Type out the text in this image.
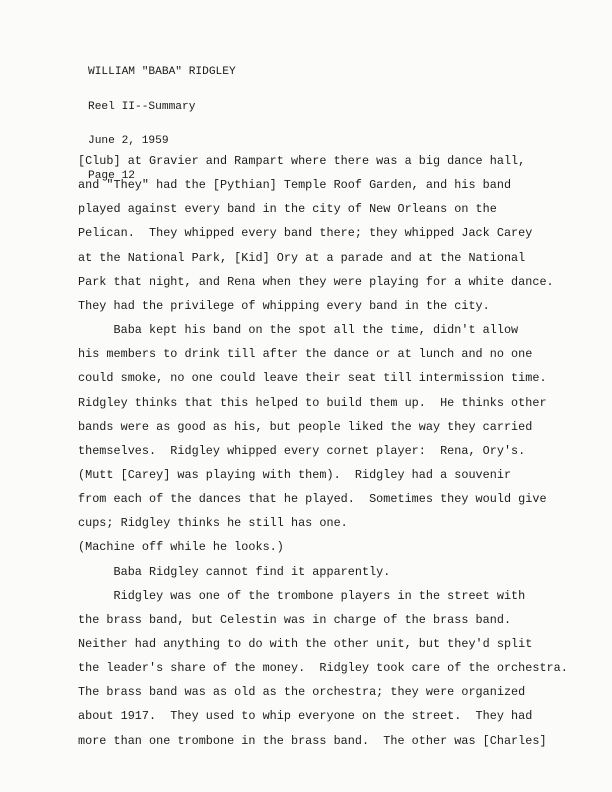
WILLIAM "BABA" RIDGLEY

Reel II--Summary

June 2, 1959

Page 12

[Club] at Gravier and Rampart where there was a big dance hall,
and "They" had the [Pythian] Temple Roof Garden, and his band
played against every band in the city of New Orleans on the
Pelican.  They whipped every band there; they whipped Jack Carey
at the National Park, [Kid] Ory at a parade and at the National
Park that night, and Rena when they were playing for a white dance.
They had the privilege of whipping every band in the city.
Baba kept his band on the spot all the time, didn't allow
his members to drink till after the dance or at lunch and no one
could smoke, no one could leave their seat till intermission time.
Ridgley thinks that this helped to build them up.  He thinks other
bands were as good as his, but people liked the way they carried
themselves.  Ridgley whipped every cornet player:  Rena, Ory's.
(Mutt [Carey] was playing with them).  Ridgley had a souvenir
from each of the dances that he played.  Sometimes they would give
cups; Ridgley thinks he still has one.
(Machine off while he looks.)
Baba Ridgley cannot find it apparently.
Ridgley was one of the trombone players in the street with
the brass band, but Celestin was in charge of the brass band.
Neither had anything to do with the other unit, but they'd split
the leader's share of the money.  Ridgley took care of the orchestra.
The brass band was as old as the orchestra; they were organized
about 1917.  They used to whip everyone on the street.  They had
more than one trombone in the brass band.  The other was [Charles]
